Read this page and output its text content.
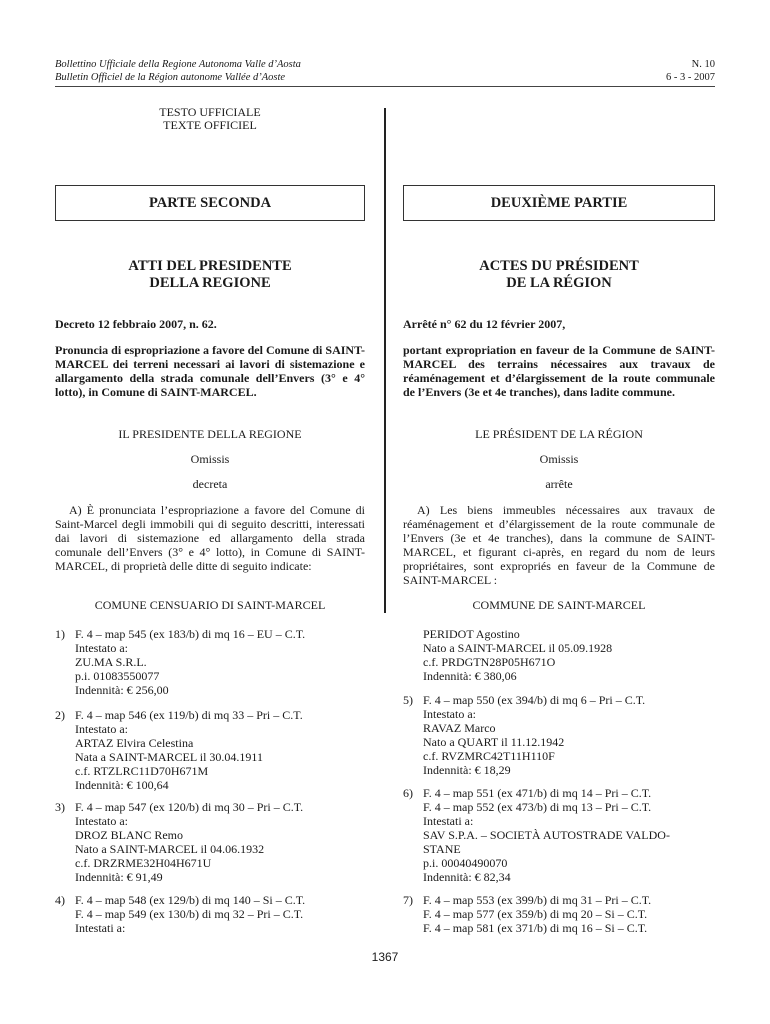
Bollettino Ufficiale della Regione Autonoma Valle d’Aosta
Bulletin Officiel de la Région autonome Vallée d’Aoste
N. 10
6 - 3 - 2007
TESTO UFFICIALE
TEXTE OFFICIEL
PARTE SECONDA	DEUXIÈME PARTIE
ATTI DEL PRESIDENTE
DELLA REGIONE
ACTES DU PRÉSIDENT
DE LA RÉGION
Decreto 12 febbraio 2007, n. 62.	Arrêté n° 62 du 12 février 2007,
Pronuncia di espropriazione a favore del Comune di SAINT-MARCEL dei terreni necessari ai lavori di sistemazione e allargamento della strada comunale dell’Envers (3° e 4° lotto), in Comune di SAINT-MARCEL.
portant expropriation en faveur de la Commune de SAINT-MARCEL des terrains nécessaires aux travaux de réaménagement et d’élargissement de la route communale de l’Envers (3e et 4e tranches), dans ladite commune.
IL PRESIDENTE DELLA REGIONE	LE PRÉSIDENT DE LA RÉGION
Omissis	Omissis
decreta	arrête
A) È pronunciata l’espropriazione a favore del Comune di Saint-Marcel degli immobili qui di seguito descritti, interessati dai lavori di sistemazione ed allargamento della strada comunale dell’Envers (3° e 4° lotto), in Comune di SAINT-MARCEL, di proprietà delle ditte di seguito indicate:
A) Les biens immeubles nécessaires aux travaux de réaménagement et d’élargissement de la route communale de l’Envers (3e et 4e tranches), dans la commune de SAINT-MARCEL, et figurant ci-après, en regard du nom de leurs propriétaires, sont expropriés en faveur de la Commune de SAINT-MARCEL :
COMUNE CENSUARIO DI SAINT-MARCEL	COMMUNE DE SAINT-MARCEL
1) F. 4 – map 545 (ex 183/b) di mq 16 – EU – C.T.
Intestato a:
ZU.MA S.R.L.
p.i. 01083550077
Indennità: € 256,00
2) F. 4 – map 546 (ex 119/b) di mq 33 – Pri – C.T.
Intestato a:
ARTAZ Elvira Celestina
Nata a SAINT-MARCEL il 30.04.1911
c.f. RTZLRC11D70H671M
Indennità: € 100,64
3) F. 4 – map 547 (ex 120/b) di mq 30 – Pri – C.T.
Intestato a:
DROZ BLANC Remo
Nato a SAINT-MARCEL il 04.06.1932
c.f. DRZRME32H04H671U
Indennità: € 91,49
4) F. 4 – map 548 (ex 129/b) di mq 140 – Si – C.T.
F. 4 – map 549 (ex 130/b) di mq 32 – Pri – C.T.
Intestati a:
PERIDOT Agostino
Nato a SAINT-MARCEL il 05.09.1928
c.f. PRDGTN28P05H671O
Indennità: € 380,06
5) F. 4 – map 550 (ex 394/b) di mq 6 – Pri – C.T.
Intestato a:
RAVAZ Marco
Nato a QUART il 11.12.1942
c.f. RVZMRC42T11H110F
Indennità: € 18,29
6) F. 4 – map 551 (ex 471/b) di mq 14 – Pri – C.T.
F. 4 – map 552 (ex 473/b) di mq 13 – Pri – C.T.
Intestati a:
SAV S.P.A. – SOCIETÀ AUTOSTRADE VALDO-
STANE
p.i. 00040490070
Indennità: € 82,34
7) F. 4 – map 553 (ex 399/b) di mq 31 – Pri – C.T.
F. 4 – map 577 (ex 359/b) di mq 20 – Si – C.T.
F. 4 – map 581 (ex 371/b) di mq 16 – Si – C.T.
1367
